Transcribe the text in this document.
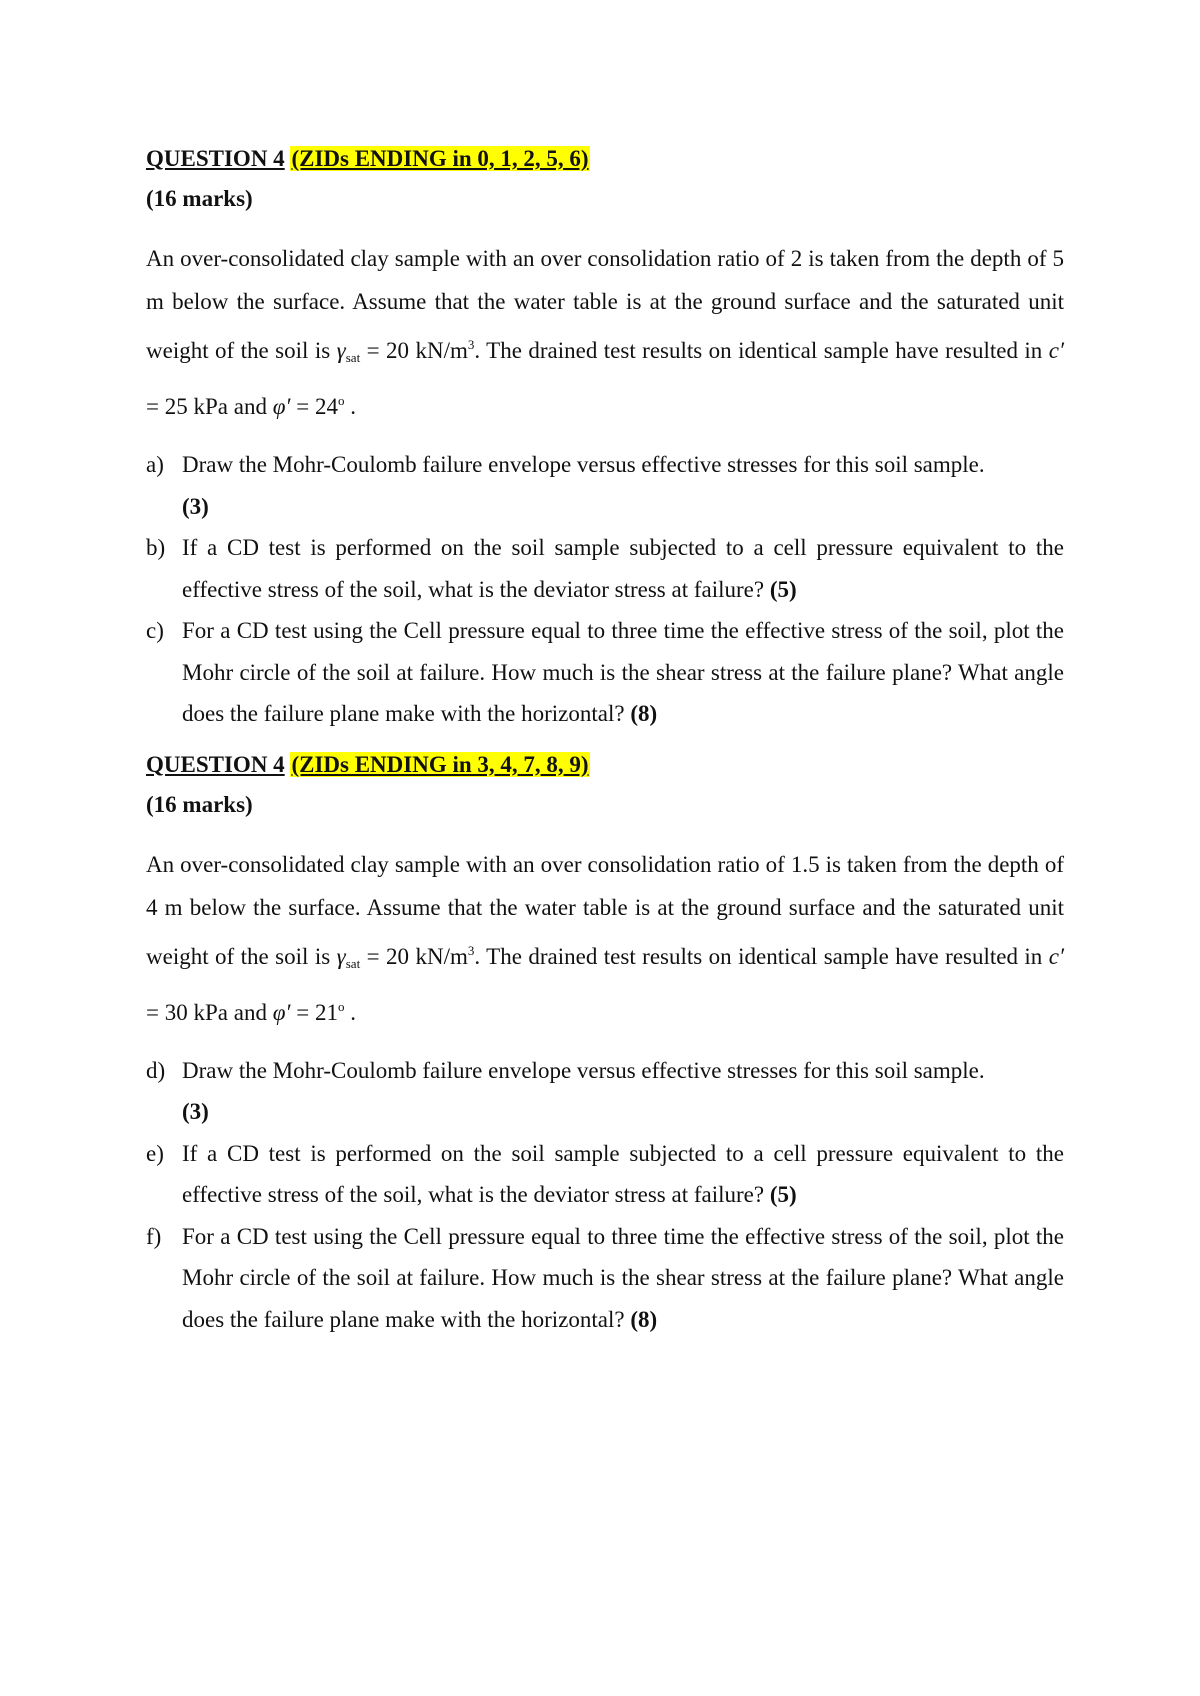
QUESTION 4 (ZIDs ENDING in 0, 1, 2, 5, 6)

(16 marks)
An over-consolidated clay sample with an over consolidation ratio of 2 is taken from the depth of 5 m below the surface. Assume that the water table is at the ground surface and the saturated unit weight of the soil is $\gamma_{sat} = 20$ $kN/m^3$. The drained test results on identical sample have resulted in c′ = 25 kPa and $\varphi' = 24^o$ .
a) Draw the Mohr-Coulomb failure envelope versus effective stresses for this soil sample.
(3)
b) If a CD test is performed on the soil sample subjected to a cell pressure equivalent to the effective stress of the soil, what is the deviator stress at failure? (5)
c) For a CD test using the Cell pressure equal to three time the effective stress of the soil, plot the Mohr circle of the soil at failure. How much is the shear stress at the failure plane? What angle does the failure plane make with the horizontal? (8)

QUESTION 4 (ZIDs ENDING in 3, 4, 7, 8, 9)

(16 marks)
An over-consolidated clay sample with an over consolidation ratio of 1.5 is taken from the depth of 4 m below the surface. Assume that the water table is at the ground surface and the saturated unit weight of the soil is $\gamma_{sat} = 20$ $kN/m^3$. The drained test results on identical sample have resulted in c′ = 30 kPa and $\varphi' = 21^o$ .
d) Draw the Mohr-Coulomb failure envelope versus effective stresses for this soil sample.
(3)
e) If a CD test is performed on the soil sample subjected to a cell pressure equivalent to the effective stress of the soil, what is the deviator stress at failure? (5)
f) For a CD test using the Cell pressure equal to three time the effective stress of the soil, plot the Mohr circle of the soil at failure. How much is the shear stress at the failure plane? What angle does the failure plane make with the horizontal? (8)
